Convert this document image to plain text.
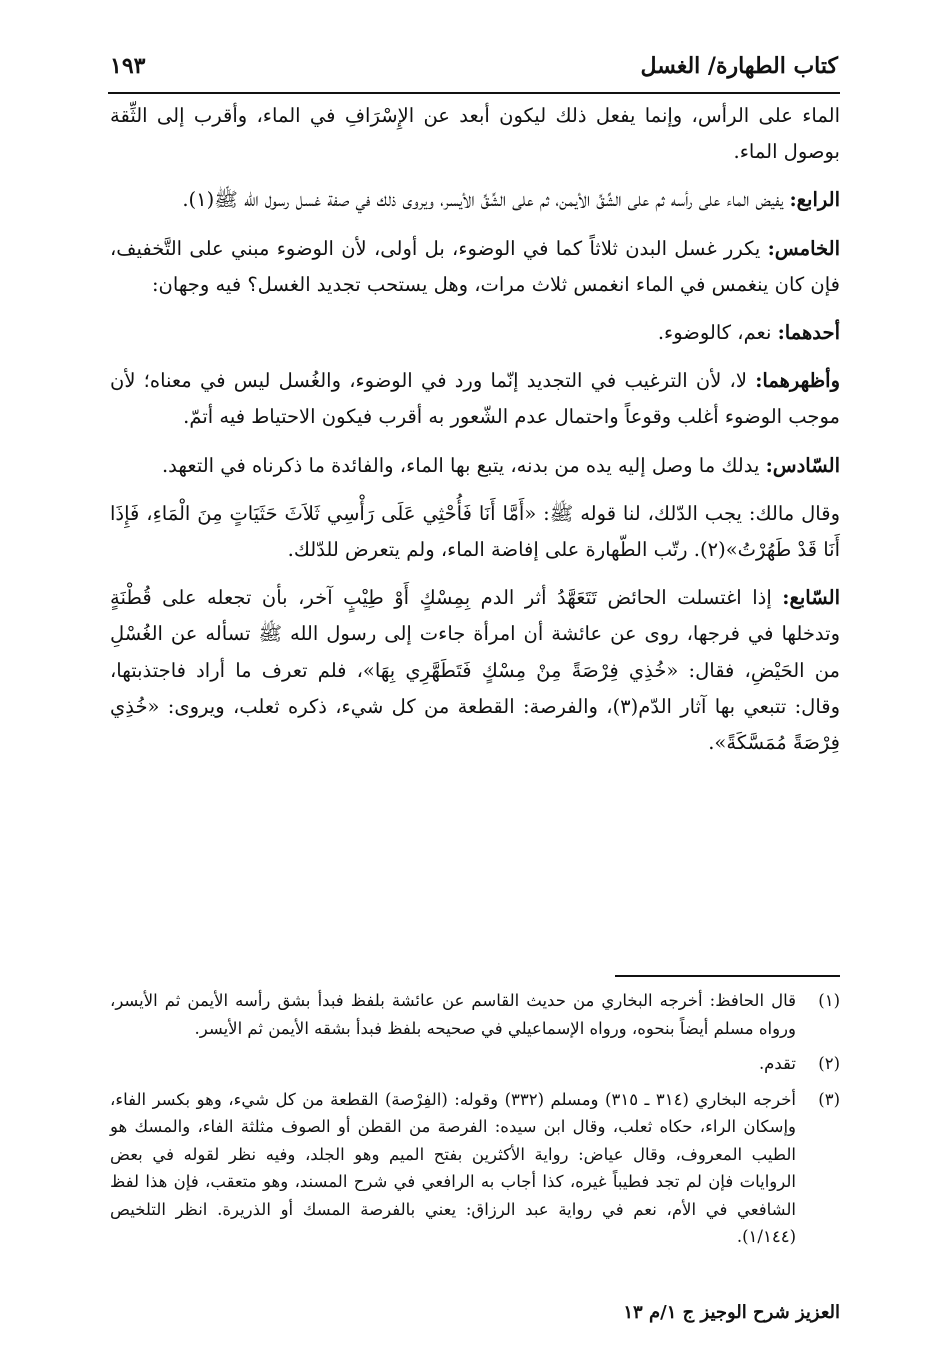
كتاب الطهارة/ الغسل
١٩٣

الماء على الرأس، وإنما يفعل ذلك ليكون أبعد عن الإِسْرَافِ في الماء، وأقرب إلى الثِّقة بوصول الماء.

الرابع: يفيض الماء على رأسه ثم على الشِّقِّ الأيمن، ثم على الشِّقِّ الأيسر، ويروى ذلك في صفة غسل رسول الله ﷺ(١).

الخامس: يكرر غسل البدن ثلاثاً كما في الوضوء، بل أولى، لأن الوضوء مبني على التَّخفيف، فإن كان ينغمس في الماء انغمس ثلاث مرات، وهل يستحب تجديد الغسل؟ فيه وجهان:

أحدهما: نعم، كالوضوء.

وأظهرهما: لا، لأن الترغيب في التجديد إنّما ورد في الوضوء، والغُسل ليس في معناه؛ لأن موجب الوضوء أغلب وقوعاً واحتمال عدم الشّعور به أقرب فيكون الاحتياط فيه أتمّ.

السّادس: يدلك ما وصل إليه يده من بدنه، يتبع بها الماء، والفائدة ما ذكرناه في التعهد.

وقال مالك: يجب الدّلك، لنا قوله ﷺ: «أَمَّا أَنَا فَأُحْثِي عَلَى رَأْسِي ثَلاَثَ حَثَيَاتٍ مِنَ الْمَاءِ، فَإِذَا أَنَا قَدْ طَهُرْتُ»(٢). رتّب الطّهارة على إفاضة الماء، ولم يتعرض للدّلك.

السّابع: إذا اغتسلت الحائض تَتَعَهَّدُ أثر الدم بِمِسْكٍ أَوْ طِيْبٍ آخر، بأن تجعله على قُطْنَةٍ وتدخلها في فرجها، روى عن عائشة أن امرأة جاءت إلى رسول الله ﷺ تسأله عن الغُسْلِ من الحَيْضِ، فقال: «خُذِي فِرْصَةً مِنْ مِسْكٍ فَتَطَهَّرِي بِهَا»، فلم تعرف ما أراد فاجتذبتها، وقال: تتبعي بها آثار الدّم(٣)، والفرصة: القطعة من كل شيء، ذكره ثعلب، ويروى: «خُذِي فِرْصَةً مُمَسَّكَةً».

(١)
قال الحافظ: أخرجه البخاري من حديث القاسم عن عائشة بلفظ فبدأ بشق رأسه الأيمن ثم الأيسر، ورواه مسلم أيضاً بنحوه، ورواه الإسماعيلي في صحيحه بلفظ فبدأ بشقه الأيمن ثم الأيسر.
(٢)
تقدم.
(٣)
أخرجه البخاري (٣١٤ ـ ٣١٥) ومسلم (٣٣٢) وقوله: (الفِرْصة) القطعة من كل شيء، وهو بكسر الفاء، وإسكان الراء، حكاه ثعلب، وقال ابن سيده: الفرصة من القطن أو الصوف مثلثة الفاء، والمسك هو الطيب المعروف، وقال عياض: رواية الأكثرين بفتح الميم وهو الجلد، وفيه نظر لقوله في بعض الروايات فإن لم تجد فطيباً غيره، كذا أجاب به الرافعي في شرح المسند، وهو متعقب، فإن هذا لفظ الشافعي في الأم، نعم في رواية عبد الرزاق: يعني بالفرصة المسك أو الذريرة. انظر التلخيص (١/١٤٤).
العزيز شرح الوجيز ج ١/م ١٣
